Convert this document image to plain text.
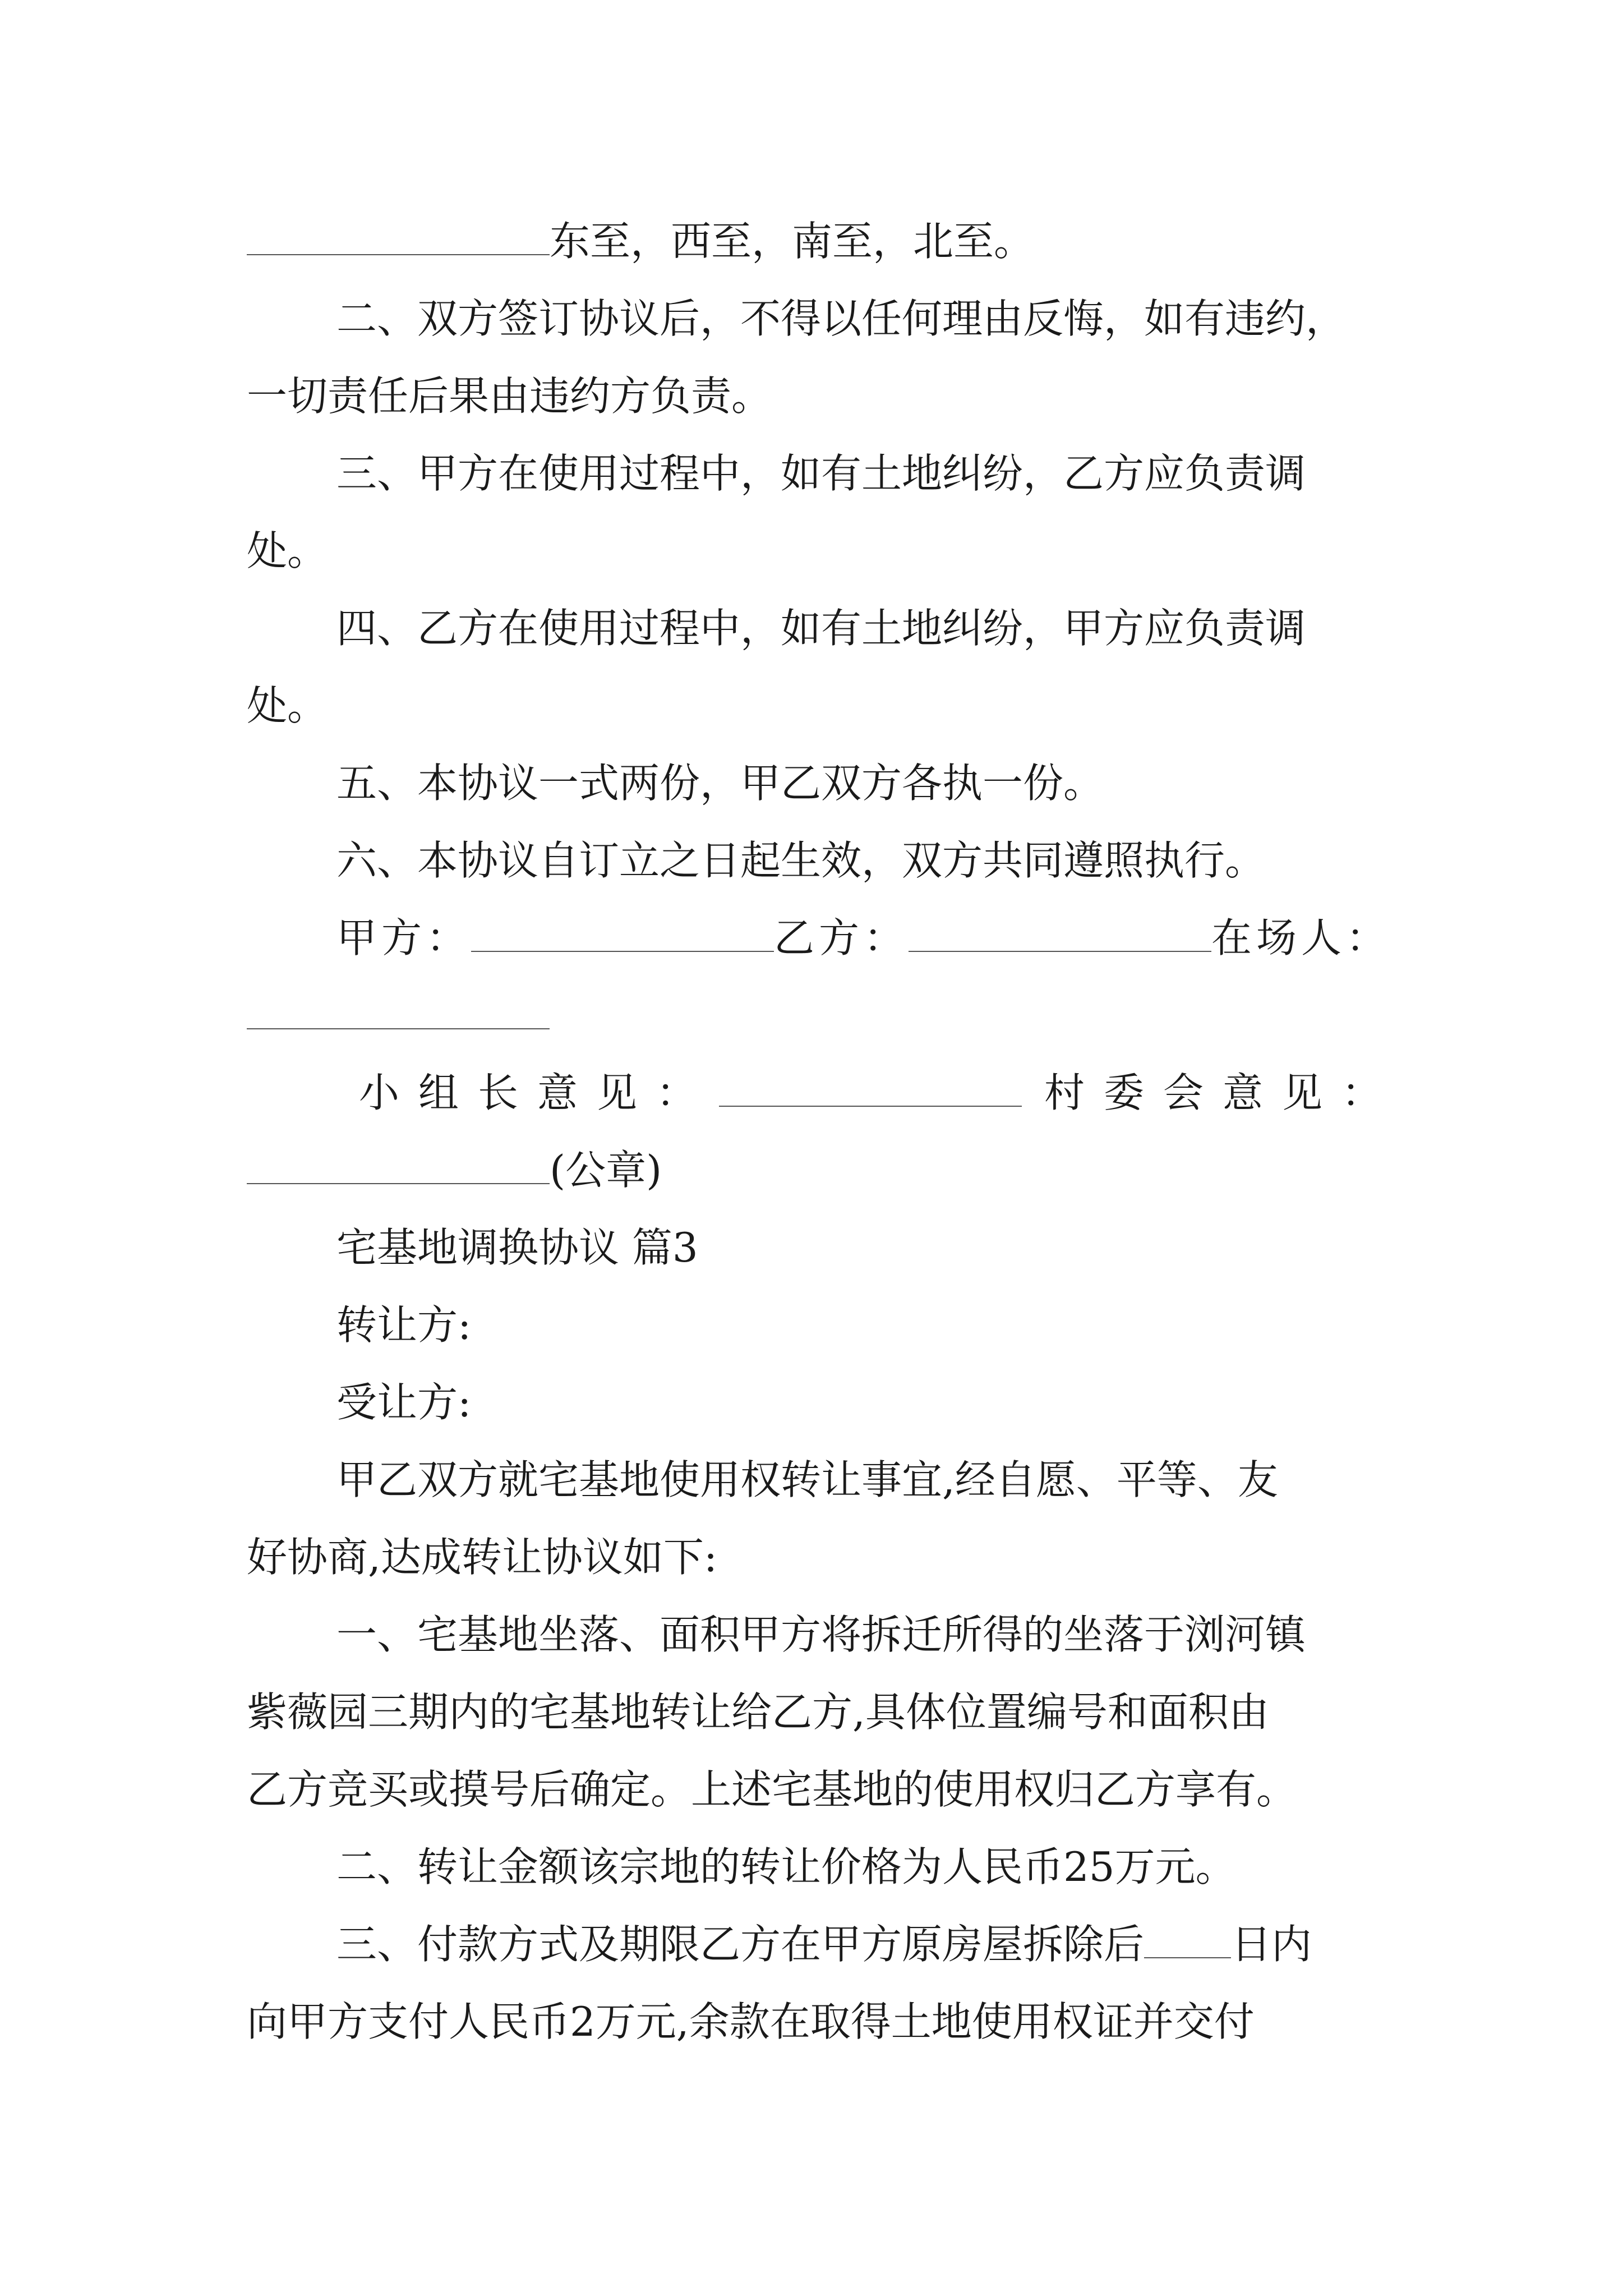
东至，西至，南至，北至。
二、双方签订协议后，不得以任何理由反悔，如有违约，
一切责任后果由违约方负责。
三、甲方在使用过程中，如有土地纠纷，乙方应负责调
处。
四、乙方在使用过程中，如有土地纠纷，甲方应负责调
处。
五、本协议一式两份，甲乙双方各执一份。
六、本协议自订立之日起生效，双方共同遵照执行。
甲方：	乙方：	在场人：
小组长意见：	村委会意见：
(公章)
宅基地调换协议 篇3
转让方:
受让方:
甲乙双方就宅基地使用权转让事宜,经自愿、平等、友
好协商,达成转让协议如下:
一、宅基地坐落、面积甲方将拆迁所得的坐落于浏河镇
紫薇园三期内的宅基地转让给乙方,具体位置编号和面积由
乙方竞买或摸号后确定。上述宅基地的使用权归乙方享有。
二、转让金额该宗地的转让价格为人民币25万元。
三、付款方式及期限乙方在甲方原房屋拆除后 日内
向甲方支付人民币2万元,余款在取得土地使用权证并交付
